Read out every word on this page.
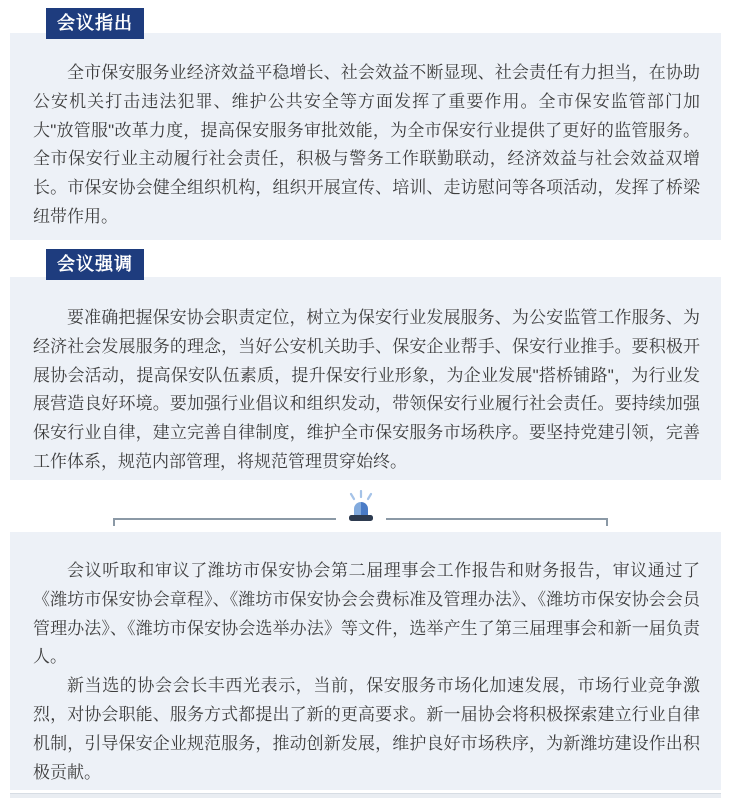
会议指出

全市保安服务业经济效益平稳增长、社会效益不断显现、社会责任有力担当，在协助公安机关打击违法犯罪、维护公共安全等方面发挥了重要作用。全市保安监管部门加大"放管服"改革力度，提高保安服务审批效能，为全市保安行业提供了更好的监管服务。全市保安行业主动履行社会责任，积极与警务工作联勤联动，经济效益与社会效益双增长。市保安协会健全组织机构，组织开展宣传、培训、走访慰问等各项活动，发挥了桥梁纽带作用。

会议强调

要准确把握保安协会职责定位，树立为保安行业发展服务、为公安监管工作服务、为经济社会发展服务的理念，当好公安机关助手、保安企业帮手、保安行业推手。要积极开展协会活动，提高保安队伍素质，提升保安行业形象，为企业发展"搭桥铺路"，为行业发展营造良好环境。要加强行业倡议和组织发动，带领保安行业履行社会责任。要持续加强保安行业自律，建立完善自律制度，维护全市保安服务市场秩序。要坚持党建引领，完善工作体系，规范内部管理，将规范管理贯穿始终。

会议听取和审议了潍坊市保安协会第二届理事会工作报告和财务报告，审议通过了《潍坊市保安协会章程》、《潍坊市保安协会会费标准及管理办法》、《潍坊市保安协会会员管理办法》、《潍坊市保安协会选举办法》等文件，选举产生了第三届理事会和新一届负责人。

新当选的协会会长丰西光表示，当前，保安服务市场化加速发展，市场行业竞争激烈，对协会职能、服务方式都提出了新的更高要求。新一届协会将积极探索建立行业自律机制，引导保安企业规范服务，推动创新发展，维护良好市场秩序，为新潍坊建设作出积极贡献。
